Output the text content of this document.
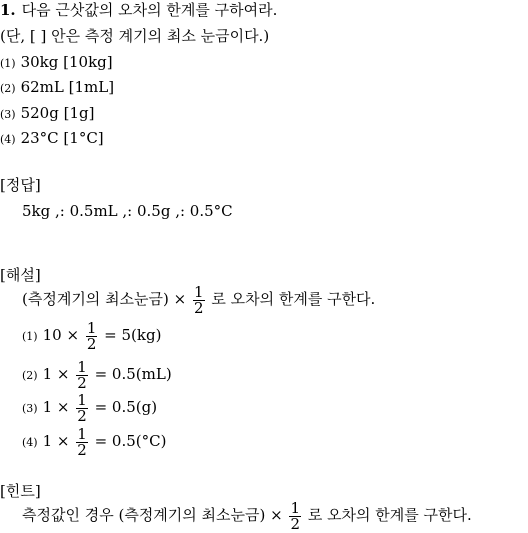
1. 다음 근삿값의 오차의 한계를 구하여라.
(단, [ ] 안은 측정 계기의 최소 눈금이다.)
(1) 30kg [10kg]
(2) 62mL [1mL]
(3) 520g [1g]
(4) 23°C [1°C]
[정답]
5kg ,: 0.5mL ,: 0.5g ,: 0.5°C
[해설]
(측정계기의 최소눈금) × $\frac{1}{2}$ 로 오차의 한계를 구한다.
(1) $10 \times \frac{1}{2} = 5(kg)$
(2) $1 \times \frac{1}{2} = 0.5(mL)$
(3) $1 \times \frac{1}{2} = 0.5(g)$
(4) $1 \times \frac{1}{2} = 0.5(^\circ C)$
[힌트]
측정값인 경우 (측정계기의 최소눈금) × $\frac{1}{2}$ 로 오차의 한계를 구한다.
